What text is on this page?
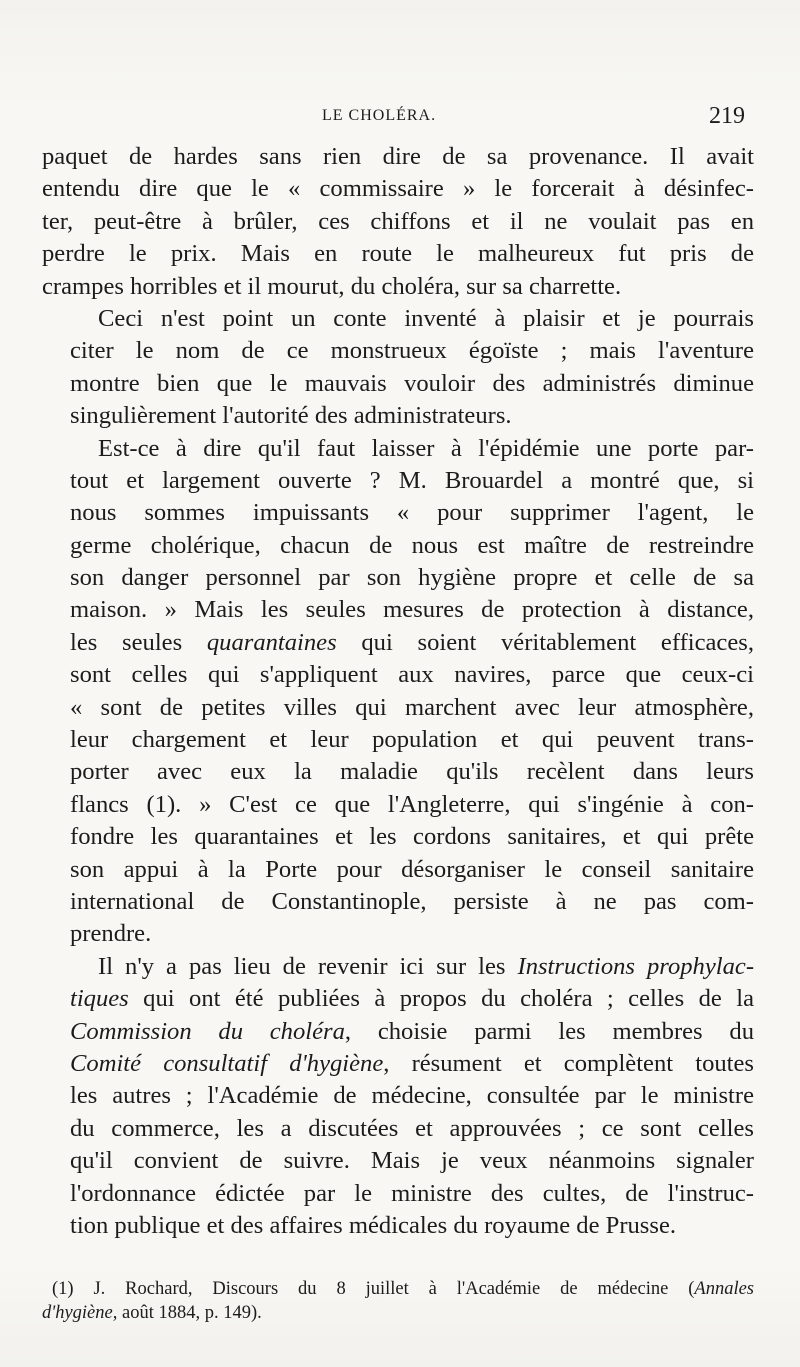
LE CHOLÉRA.	219
paquet de hardes sans rien dire de sa provenance. Il avait
entendu dire que le « commissaire » le forcerait à désinfec-
ter, peut-être à brûler, ces chiffons et il ne voulait pas en
perdre le prix. Mais en route le malheureux fut pris de
crampes horribles et il mourut, du choléra, sur sa charrette.
Ceci n'est point un conte inventé à plaisir et je pourrais
citer le nom de ce monstrueux égoïste ; mais l'aventure
montre bien que le mauvais vouloir des administrés diminue
singulièrement l'autorité des administrateurs.
Est-ce à dire qu'il faut laisser à l'épidémie une porte par-
tout et largement ouverte ? M. Brouardel a montré que, si
nous sommes impuissants « pour supprimer l'agent, le
germe cholérique, chacun de nous est maître de restreindre
son danger personnel par son hygiène propre et celle de sa
maison. » Mais les seules mesures de protection à distance,
les seules quarantaines qui soient véritablement efficaces,
sont celles qui s'appliquent aux navires, parce que ceux-ci
« sont de petites villes qui marchent avec leur atmosphère,
leur chargement et leur population et qui peuvent trans-
porter avec eux la maladie qu'ils recèlent dans leurs
flancs (1). » C'est ce que l'Angleterre, qui s'ingénie à con-
fondre les quarantaines et les cordons sanitaires, et qui prête
son appui à la Porte pour désorganiser le conseil sanitaire
international de Constantinople, persiste à ne pas com-
prendre.
Il n'y a pas lieu de revenir ici sur les Instructions prophylac-
tiques qui ont été publiées à propos du choléra ; celles de la
Commission du choléra, choisie parmi les membres du
Comité consultatif d'hygiène, résument et complètent toutes
les autres ; l'Académie de médecine, consultée par le ministre
du commerce, les a discutées et approuvées ; ce sont celles
qu'il convient de suivre. Mais je veux néanmoins signaler
l'ordonnance édictée par le ministre des cultes, de l'instruc-
tion publique et des affaires médicales du royaume de Prusse.
(1) J. Rochard, Discours du 8 juillet à l'Académie de médecine (Annales
d'hygiène, août 1884, p. 149).
